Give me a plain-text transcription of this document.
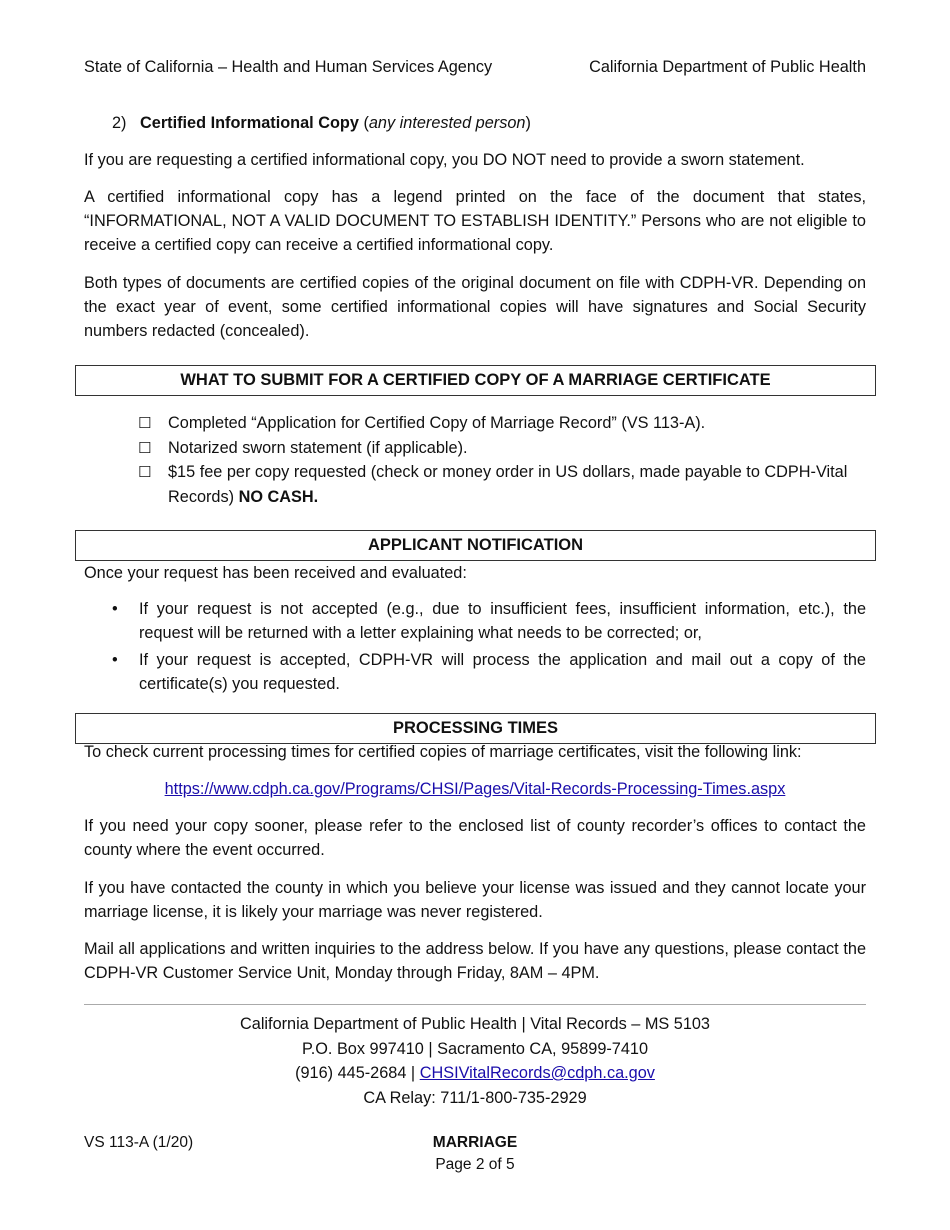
State of California – Health and Human Services Agency	California Department of Public Health
2) Certified Informational Copy (any interested person)
If you are requesting a certified informational copy, you DO NOT need to provide a sworn statement.
A certified informational copy has a legend printed on the face of the document that states, “INFORMATIONAL, NOT A VALID DOCUMENT TO ESTABLISH IDENTITY.” Persons who are not eligible to receive a certified copy can receive a certified informational copy.
Both types of documents are certified copies of the original document on file with CDPH-VR. Depending on the exact year of event, some certified informational copies will have signatures and Social Security numbers redacted (concealed).
WHAT TO SUBMIT FOR A CERTIFIED COPY OF A MARRIAGE CERTIFICATE
☐ Completed “Application for Certified Copy of Marriage Record” (VS 113-A).
☐ Notarized sworn statement (if applicable).
☐ $15 fee per copy requested (check or money order in US dollars, made payable to CDPH-Vital Records) NO CASH.
APPLICANT NOTIFICATION
Once your request has been received and evaluated:
• If your request is not accepted (e.g., due to insufficient fees, insufficient information, etc.), the request will be returned with a letter explaining what needs to be corrected; or,
• If your request is accepted, CDPH-VR will process the application and mail out a copy of the certificate(s) you requested.
PROCESSING TIMES
To check current processing times for certified copies of marriage certificates, visit the following link:
https://www.cdph.ca.gov/Programs/CHSI/Pages/Vital-Records-Processing-Times.aspx
If you need your copy sooner, please refer to the enclosed list of county recorder’s offices to contact the county where the event occurred.
If you have contacted the county in which you believe your license was issued and they cannot locate your marriage license, it is likely your marriage was never registered.
Mail all applications and written inquiries to the address below. If you have any questions, please contact the CDPH-VR Customer Service Unit, Monday through Friday, 8AM – 4PM.
California Department of Public Health | Vital Records – MS 5103
P.O. Box 997410 | Sacramento CA, 95899-7410
(916) 445-2684 | CHSIVitalRecords@cdph.ca.gov
CA Relay: 711/1-800-735-2929
VS 113-A (1/20)	MARRIAGE
Page 2 of 5
